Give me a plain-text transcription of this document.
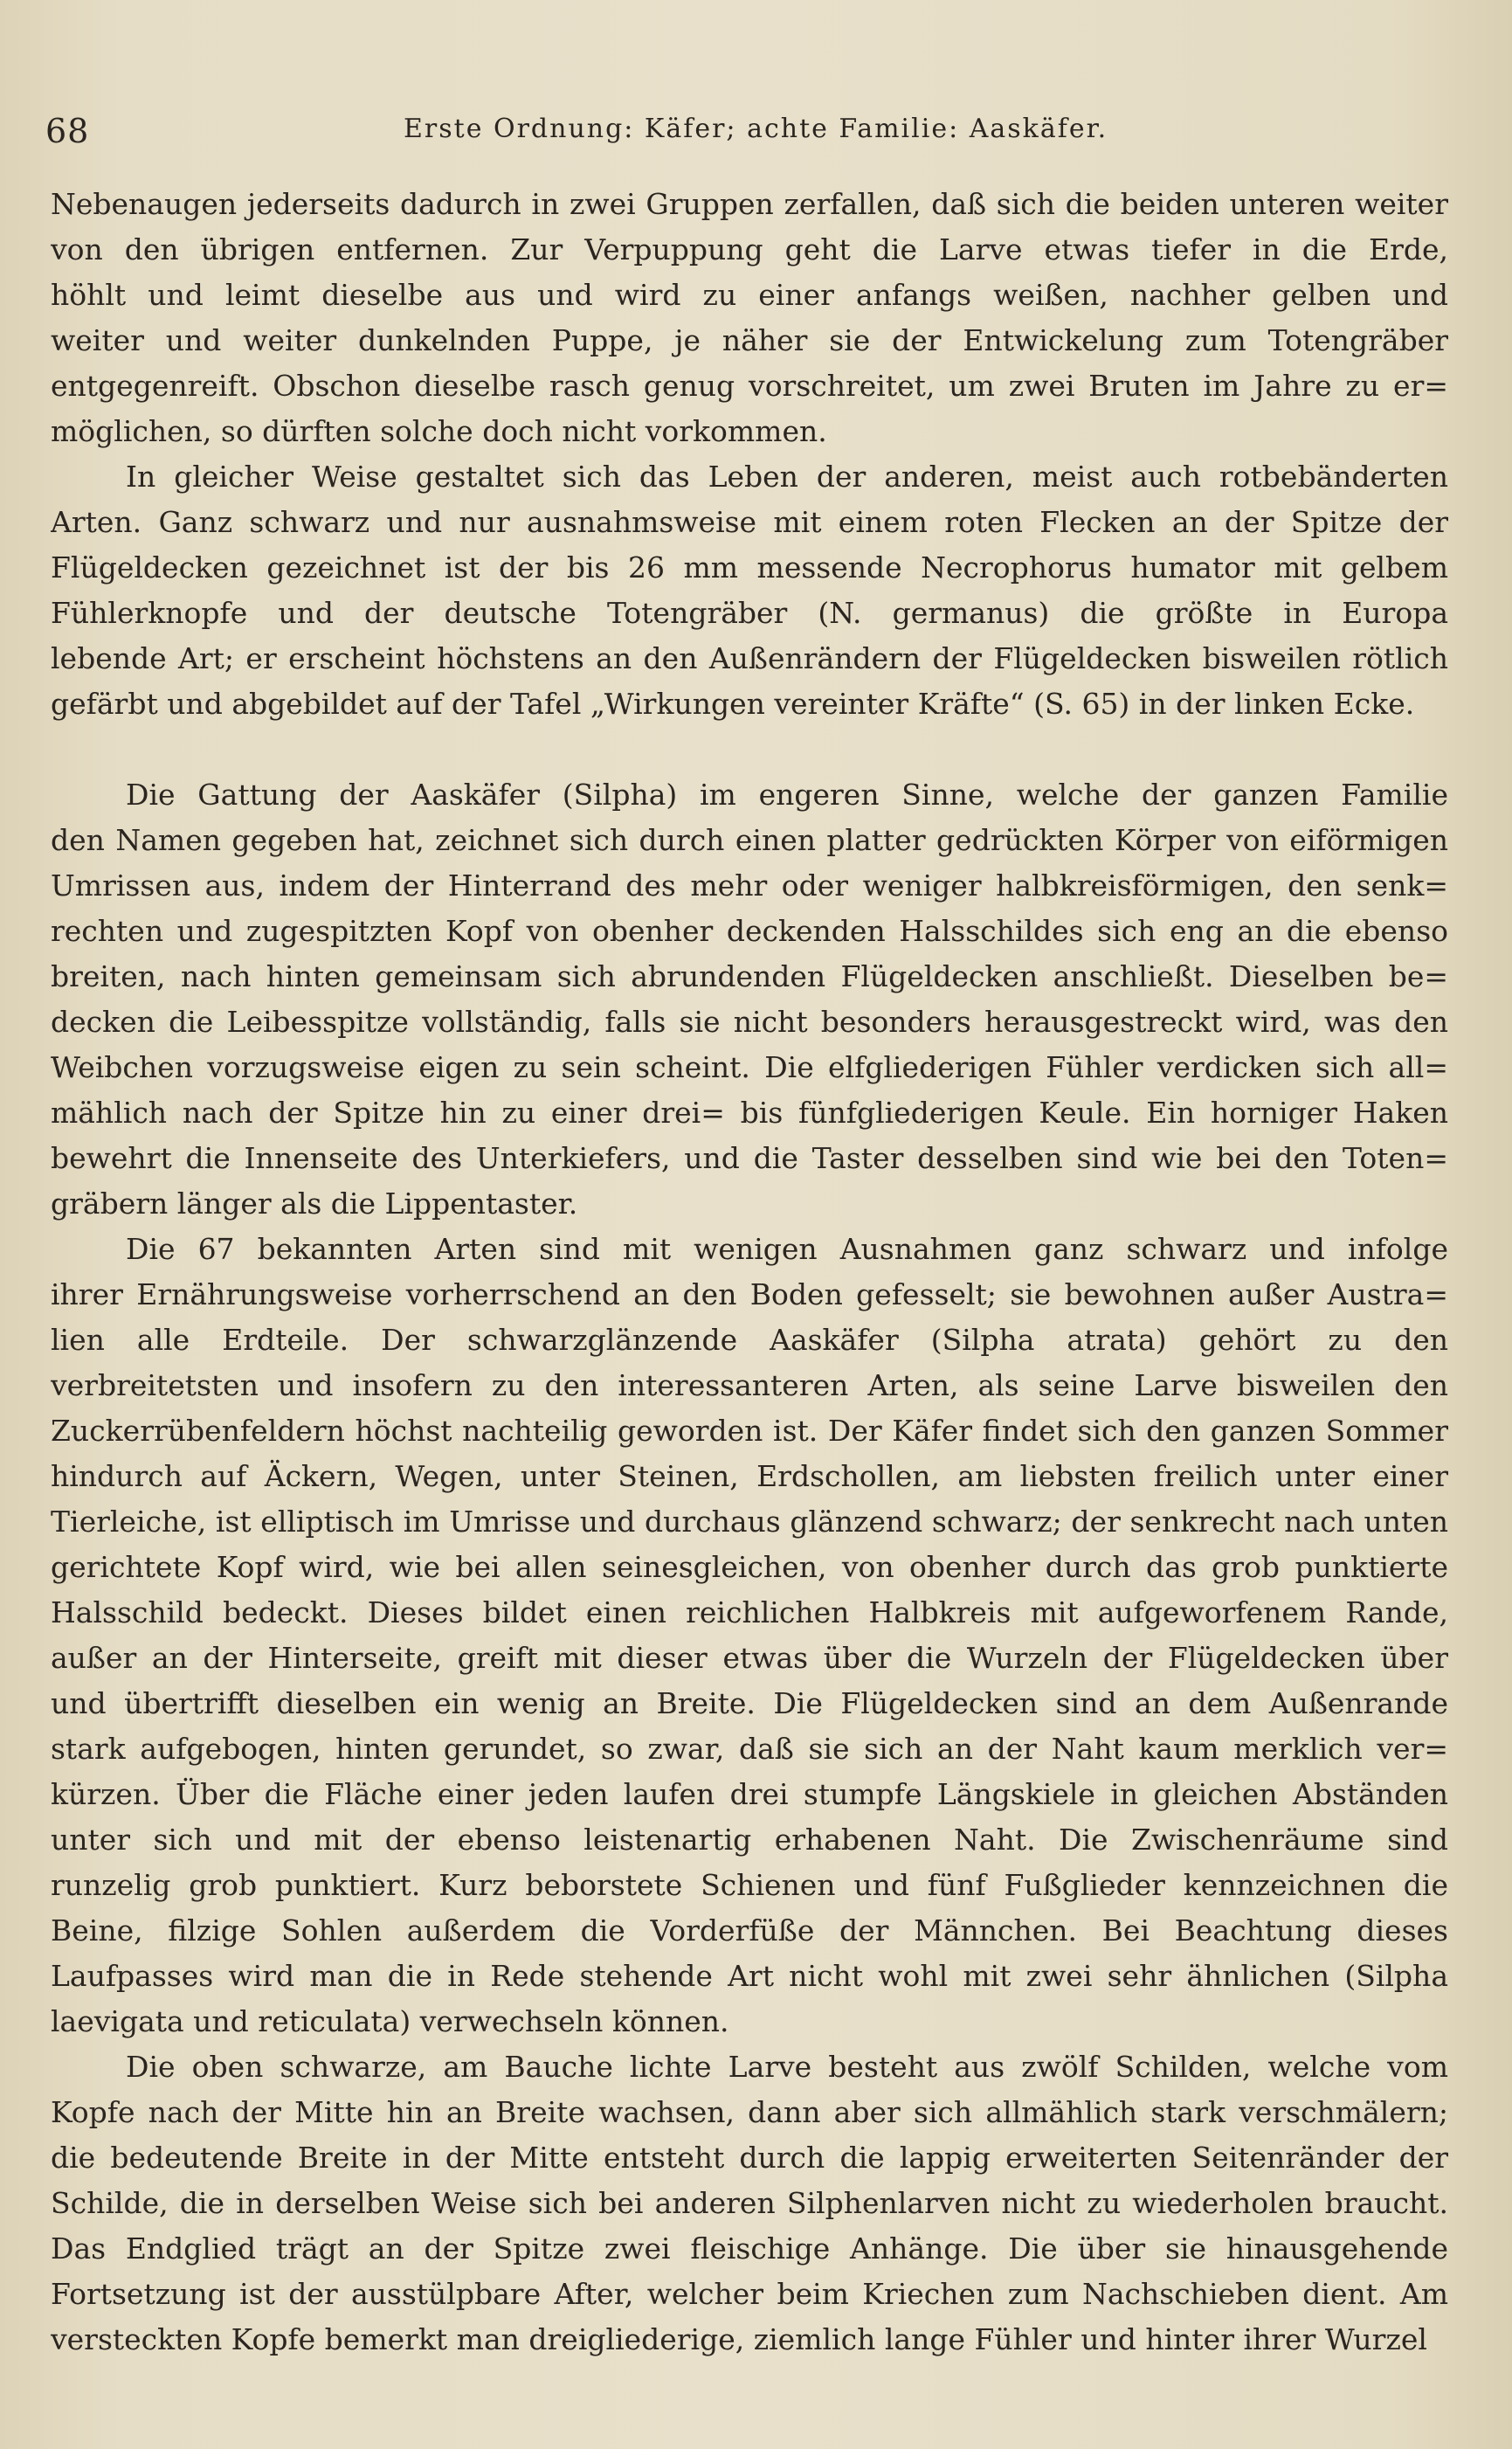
68	Erste Ordnung: Käfer; achte Familie: Aaskäfer.
Nebenaugen jederseits dadurch in zwei Gruppen zerfallen, daß sich die beiden unteren weiter
von den übrigen entfernen. Zur Verpuppung geht die Larve etwas tiefer in die Erde,
höhlt und leimt dieselbe aus und wird zu einer anfangs weißen, nachher gelben und
weiter und weiter dunkelnden Puppe, je näher sie der Entwickelung zum Totengräber
entgegenreift. Obschon dieselbe rasch genug vorschreitet, um zwei Bruten im Jahre zu er=
möglichen, so dürften solche doch nicht vorkommen.
In gleicher Weise gestaltet sich das Leben der anderen, meist auch rotbebänderten
Arten. Ganz schwarz und nur ausnahmsweise mit einem roten Flecken an der Spitze der
Flügeldecken gezeichnet ist der bis 26 mm messende Necrophorus humator mit gelbem
Fühlerknopfe und der deutsche Totengräber (N. germanus) die größte in Europa
lebende Art; er erscheint höchstens an den Außenrändern der Flügeldecken bisweilen rötlich
gefärbt und abgebildet auf der Tafel „Wirkungen vereinter Kräfte“ (S. 65) in der linken Ecke.
Die Gattung der Aaskäfer (Silpha) im engeren Sinne, welche der ganzen Familie
den Namen gegeben hat, zeichnet sich durch einen platter gedrückten Körper von eiförmigen
Umrissen aus, indem der Hinterrand des mehr oder weniger halbkreisförmigen, den senk=
rechten und zugespitzten Kopf von obenher deckenden Halsschildes sich eng an die ebenso
breiten, nach hinten gemeinsam sich abrundenden Flügeldecken anschließt. Dieselben be=
decken die Leibesspitze vollständig, falls sie nicht besonders herausgestreckt wird, was den
Weibchen vorzugsweise eigen zu sein scheint. Die elfgliederigen Fühler verdicken sich all=
mählich nach der Spitze hin zu einer drei= bis fünfgliederigen Keule. Ein horniger Haken
bewehrt die Innenseite des Unterkiefers, und die Taster desselben sind wie bei den Toten=
gräbern länger als die Lippentaster.
Die 67 bekannten Arten sind mit wenigen Ausnahmen ganz schwarz und infolge
ihrer Ernährungsweise vorherrschend an den Boden gefesselt; sie bewohnen außer Austra=
lien alle Erdteile. Der schwarzglänzende Aaskäfer (Silpha atrata) gehört zu den
verbreitetsten und insofern zu den interessanteren Arten, als seine Larve bisweilen den
Zuckerrübenfeldern höchst nachteilig geworden ist. Der Käfer findet sich den ganzen Sommer
hindurch auf Äckern, Wegen, unter Steinen, Erdschollen, am liebsten freilich unter einer
Tierleiche, ist elliptisch im Umrisse und durchaus glänzend schwarz; der senkrecht nach unten
gerichtete Kopf wird, wie bei allen seinesgleichen, von obenher durch das grob punktierte
Halsschild bedeckt. Dieses bildet einen reichlichen Halbkreis mit aufgeworfenem Rande,
außer an der Hinterseite, greift mit dieser etwas über die Wurzeln der Flügeldecken über
und übertrifft dieselben ein wenig an Breite. Die Flügeldecken sind an dem Außenrande
stark aufgebogen, hinten gerundet, so zwar, daß sie sich an der Naht kaum merklich ver=
kürzen. Über die Fläche einer jeden laufen drei stumpfe Längskiele in gleichen Abständen
unter sich und mit der ebenso leistenartig erhabenen Naht. Die Zwischenräume sind
runzelig grob punktiert. Kurz beborstete Schienen und fünf Fußglieder kennzeichnen die
Beine, filzige Sohlen außerdem die Vorderfüße der Männchen. Bei Beachtung dieses
Laufpasses wird man die in Rede stehende Art nicht wohl mit zwei sehr ähnlichen (Silpha
laevigata und reticulata) verwechseln können.
Die oben schwarze, am Bauche lichte Larve besteht aus zwölf Schilden, welche vom
Kopfe nach der Mitte hin an Breite wachsen, dann aber sich allmählich stark verschmälern;
die bedeutende Breite in der Mitte entsteht durch die lappig erweiterten Seitenränder der
Schilde, die in derselben Weise sich bei anderen Silphenlarven nicht zu wiederholen braucht.
Das Endglied trägt an der Spitze zwei fleischige Anhänge. Die über sie hinausgehende
Fortsetzung ist der ausstülpbare After, welcher beim Kriechen zum Nachschieben dient. Am
versteckten Kopfe bemerkt man dreigliederige, ziemlich lange Fühler und hinter ihrer Wurzel
